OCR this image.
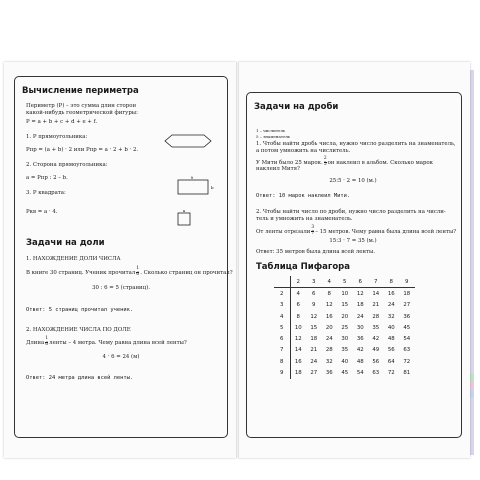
Вычисление периметра
Периметр (Р) – это сумма длин сторон
какой-нибудь геометрической фигуры:
P = a + b + c + d + e + f.
1. Р прямоугольника:
Pпр = (a + b) · 2 или Pпр = a · 2 + b · 2.
2. Сторона прямоугольника:
a = Pпр : 2 – b.
3. Р квадрата:
Pкв = a · 4.
a
b
a
Задачи на доли
1. НАХОЖДЕНИЕ ДОЛИ ЧИСЛА
В книге 30 страниц. Ученик прочитал $\frac{1}{6}$ . Сколько страниц он прочитал?
30 : 6 = 5 (страниц).
Ответ: 5 страниц прочитал ученик.
2. НАХОЖДЕНИЕ ЧИСЛА ПО ДОЛЕ
Длина $\frac{1}{6}$ ленты – 4 метра. Чему равна длина всей ленты?
4 · 6 = 24 (м)
Ответ: 24 метра длина всей ленты.
Задачи на дроби
1 – числитель
5 – знаменатель
1. Чтобы найти дробь числа, нужно число разделить на знаменатель,
а потом умножить на числитель.
У Мити было 25 марок. $\frac{2}{5}$ он наклеил в альбом. Сколько марок
наклеил Митя?
25:5 · 2 = 10 (м.)
Ответ: 10 марок наклеил Мити.
2. Чтобы найти число по дроби, нужно число разделить на числи-
тель и умножить на знаменатель.
От ленты отрезали $\frac{3}{7} - 15$ метров. Чему равна была длина всей ленты?
15:3 · 7 = 35 (м.)
Ответ: 35 метров была длина всей ленты.
Таблица Пифагора
	2	3	4	5	6	7	8	9
2	4	6	8	10	12	14	16	18
3	6	9	12	15	18	21	24	27
4	8	12	16	20	24	28	32	36
5	10	15	20	25	30	35	40	45
6	12	18	24	30	36	42	48	54
7	14	21	28	35	42	49	56	63
8	16	24	32	40	48	56	64	72
9	18	27	36	45	54	63	72	81
